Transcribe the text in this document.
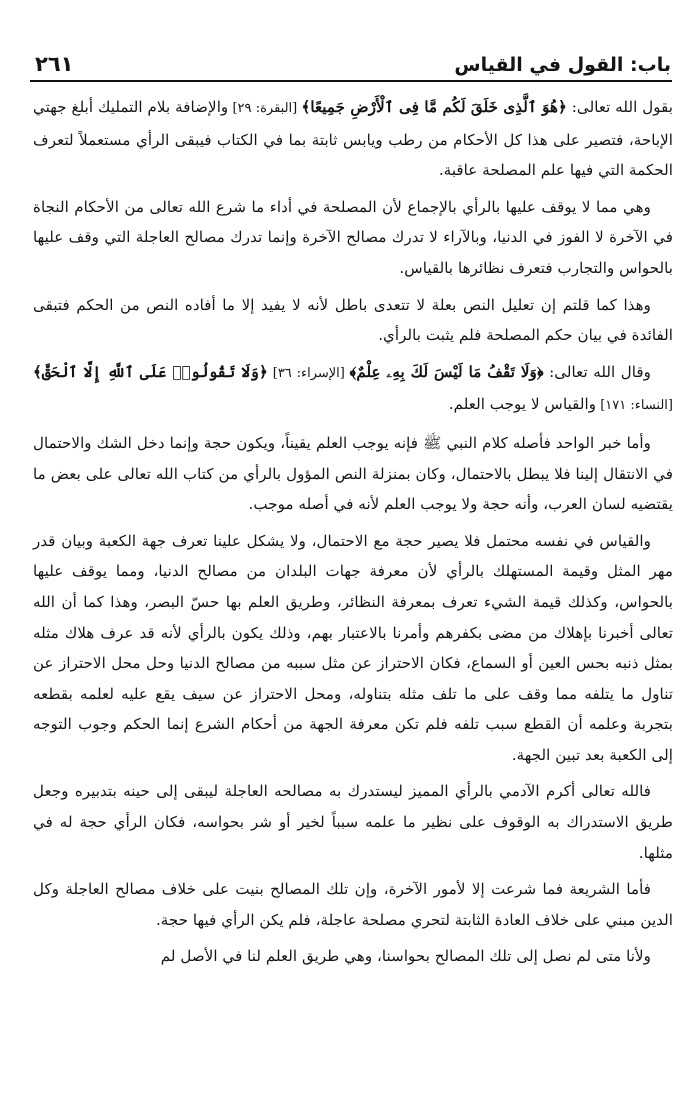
باب: القول في القياس
٢٦١

بقول الله تعالى: ﴿هُوَ ٱلَّذِى خَلَقَ لَكُم مَّا فِى ٱلْأَرْضِ جَمِيعًا﴾ [البقرة: ٢٩] والإضافة بلام التمليك أبلغ جهتي الإباحة، فتصير على هذا كل الأحكام من رطب ويابس ثابتة بما في الكتاب فيبقى الرأي مستعملاً لتعرف الحكمة التي فيها علم المصلحة عاقبة.

وهي مما لا يوقف عليها بالرأي بالإجماع لأن المصلحة في أداء ما شرع الله تعالى من الأحكام النجاة في الآخرة لا الفوز في الدنيا، وبالآراء لا تدرك مصالح الآخرة وإنما تدرك مصالح العاجلة التي وقف عليها بالحواس والتجارب فتعرف نظائرها بالقياس.

وهذا كما قلتم إن تعليل النص بعلة لا تتعدى باطل لأنه لا يفيد إلا ما أفاده النص من الحكم فتبقى الفائدة في بيان حكم المصلحة فلم يثبت بالرأي.

وقال الله تعالى: ﴿وَلَا تَقْفُ مَا لَيْسَ لَكَ بِهِۦ عِلْمٌ﴾ [الإسراء: ٣٦] ﴿وَلَا تَقُولُوا۟ عَلَى ٱللَّهِ إِلَّا ٱلْحَقَّ﴾ [النساء: ١٧١] والقياس لا يوجب العلم.

وأما خبر الواحد فأصله كلام النبي ﷺ فإنه يوجب العلم يقيناً، ويكون حجة وإنما دخل الشك والاحتمال في الانتقال إلينا فلا يبطل بالاحتمال، وكان بمنزلة النص المؤول بالرأي من كتاب الله تعالى على بعض ما يقتضيه لسان العرب، وأنه حجة ولا يوجب العلم لأنه في أصله موجب.

والقياس في نفسه محتمل فلا يصير حجة مع الاحتمال، ولا يشكل علينا تعرف جهة الكعبة وبيان قدر مهر المثل وقيمة المستهلك بالرأي لأن معرفة جهات البلدان من مصالح الدنيا، ومما يوقف عليها بالحواس، وكذلك قيمة الشيء تعرف بمعرفة النظائر، وطريق العلم بها حسّ البصر، وهذا كما أن الله تعالى أخبرنا بإهلاك من مضى بكفرهم وأمرنا بالاعتبار بهم، وذلك يكون بالرأي لأنه قد عرف هلاك مثله بمثل ذنبه بحس العين أو السماع، فكان الاحتراز عن مثل سببه من مصالح الدنيا وحل محل الاحتراز عن تناول ما يتلفه مما وقف على ما تلف مثله بتناوله، ومحل الاحتراز عن سيف يقع عليه لعلمه بقطعه بتجربة وعلمه أن القطع سبب تلفه فلم تكن معرفة الجهة من أحكام الشرع إنما الحكم وجوب التوجه إلى الكعبة بعد تبين الجهة.

فالله تعالى أكرم الآدمي بالرأي المميز ليستدرك به مصالحه العاجلة ليبقى إلى حينه بتدبيره وجعل طريق الاستدراك به الوقوف على نظير ما علمه سبباً لخير أو شر بحواسه، فكان الرأي حجة له في مثلها.

فأما الشريعة فما شرعت إلا لأمور الآخرة، وإن تلك المصالح بنيت على خلاف مصالح العاجلة وكل الدين مبني على خلاف العادة الثابتة لتحري مصلحة عاجلة، فلم يكن الرأي فيها حجة.

ولأنا متى لم نصل إلى تلك المصالح بحواسنا، وهي طريق العلم لنا في الأصل لم
